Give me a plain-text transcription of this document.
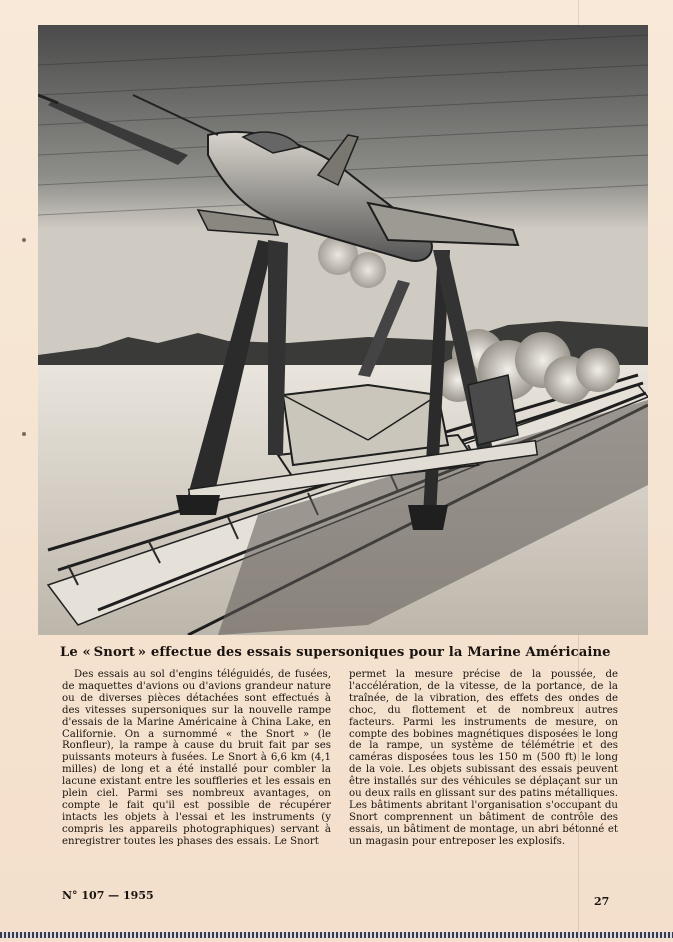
Le « Snort » effectue des essais supersoniques pour la Marine Américaine

Des essais au sol d'engins téléguidés, de fusées, de maquettes d'avions ou d'avions grandeur nature ou de diverses pièces détachées sont effectués à des vitesses supersoniques sur la nouvelle rampe d'essais de la Marine Américaine à China Lake, en Californie. On a surnommé « the Snort » (le Ronfleur), la rampe à cause du bruit fait par ses puissants moteurs à fusées. Le Snort à 6,6 km (4,1 milles) de long et a été installé pour combler la lacune existant entre les souffleries et les essais en plein ciel. Parmi ses nombreux avantages, on compte le fait qu'il est possible de récupérer intacts les objets à l'essai et les instruments (y compris les appareils photographiques) servant à enregistrer toutes les phases des essais. Le Snort

permet la mesure précise de la poussée, de l'accélération, de la vitesse, de la portance, de la traînée, de la vibration, des effets des ondes de choc, du flottement et de nombreux autres facteurs. Parmi les instruments de mesure, on compte des bobines magnétiques disposées le long de la rampe, un système de télémétrie et des caméras disposées tous les 150 m (500 ft) le long de la voie. Les objets subissant des essais peuvent être installés sur des véhicules se déplaçant sur un ou deux rails en glissant sur des patins métalliques. Les bâtiments abritant l'organisation s'occupant du Snort comprennent un bâtiment de contrôle des essais, un bâtiment de montage, un abri bétonné et un magasin pour entreposer les explosifs.

N° 107 — 1955	27
